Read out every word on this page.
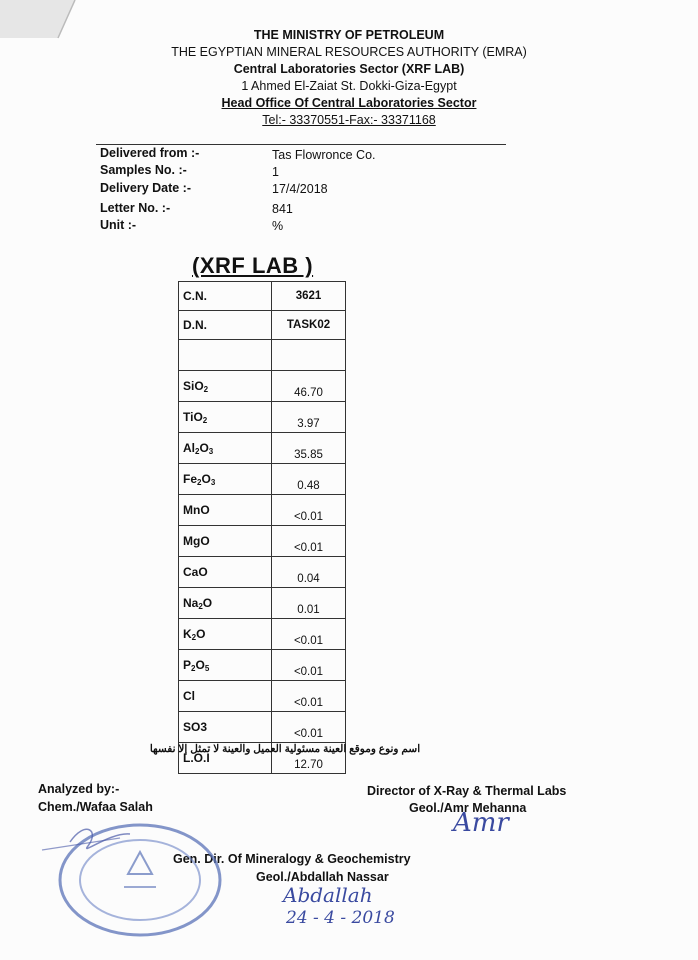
THE MINISTRY OF PETROLEUM
THE EGYPTIAN MINERAL RESOURCES AUTHORITY (EMRA)
Central Laboratories Sector (XRF LAB)
1 Ahmed El-Zaiat St. Dokki-Giza-Egypt
Head Office Of Central Laboratories Sector
Tel:- 33370551-Fax:- 33371168
Delivered from :-	Tas Flowronce Co.
Samples No. :-	1
Delivery Date :-	17/4/2018
Letter No. :-	841
Unit :-	%
(XRF LAB )
C.N.	3621
D.N.	TASK02

SiO$_2$	46.70
TiO$_2$	3.97
$Al_2O_3$	35.85
$Fe_2O_3$	0.48
MnO	<0.01
MgO	<0.01
CaO	0.04
$Na_2O$	0.01
$K_2O$	<0.01
$P_2O_5$	<0.01
Cl	<0.01
SO3	<0.01
L.O.I	12.70
اسم ونوع وموقع العينة مسئولية العميل والعينة لا تمثل إلا نفسها
Analyzed by:-
Chem./Wafaa Salah
Director of X-Ray & Thermal Labs
Geol./Amr Mehanna
Gen. Dir. Of Mineralogy & Geochemistry
Geol./Abdallah Nassar
Amr
Abdallah
24 - 4 - 2018
